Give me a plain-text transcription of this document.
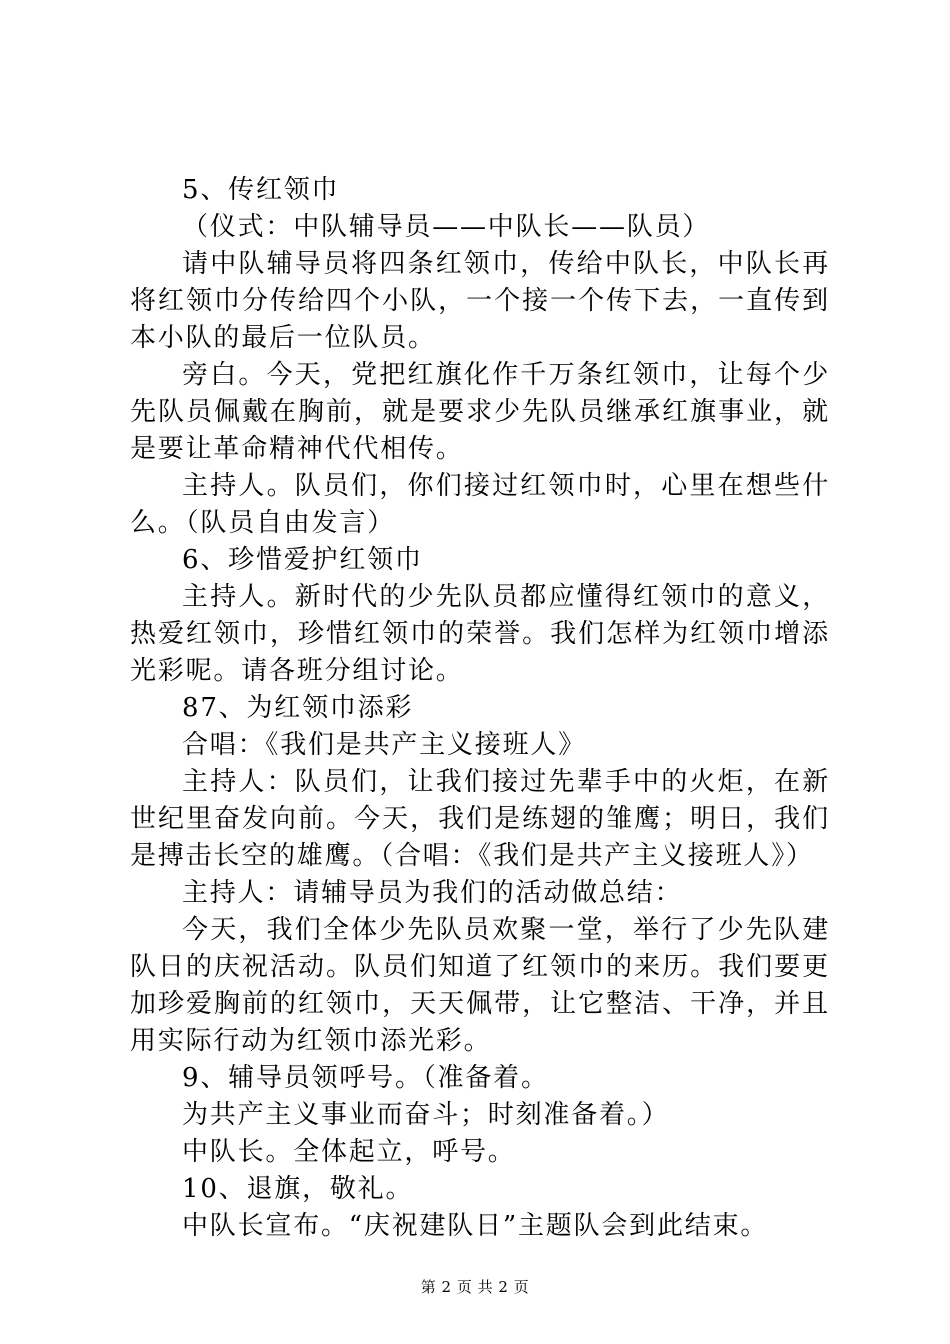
5、传红领巾

（仪式：中队辅导员——中队长——队员）

请中队辅导员将四条红领巾，传给中队长，中队长再将红领巾分传给四个小队，一个接一个传下去，一直传到本小队的最后一位队员。

旁白。今天，党把红旗化作千万条红领巾，让每个少先队员佩戴在胸前，就是要求少先队员继承红旗事业，就是要让革命精神代代相传。

主持人。队员们，你们接过红领巾时，心里在想些什么。（队员自由发言）

6、珍惜爱护红领巾

主持人。新时代的少先队员都应懂得红领巾的意义，热爱红领巾，珍惜红领巾的荣誉。我们怎样为红领巾增添光彩呢。请各班分组讨论。

87、为红领巾添彩

合唱：《我们是共产主义接班人》

主持人：队员们，让我们接过先辈手中的火炬，在新世纪里奋发向前。今天，我们是练翅的雏鹰；明日，我们是搏击长空的雄鹰。（合唱：《我们是共产主义接班人》）

主持人：请辅导员为我们的活动做总结：

今天，我们全体少先队员欢聚一堂，举行了少先队建队日的庆祝活动。队员们知道了红领巾的来历。我们要更加珍爱胸前的红领巾，天天佩带，让它整洁、干净，并且用实际行动为红领巾添光彩。

9、辅导员领呼号。（准备着。

为共产主义事业而奋斗；时刻准备着。）

中队长。全体起立，呼号。

10、退旗，敬礼。

中队长宣布。“庆祝建队日”主题队会到此结束。

第 2 页 共 2 页
